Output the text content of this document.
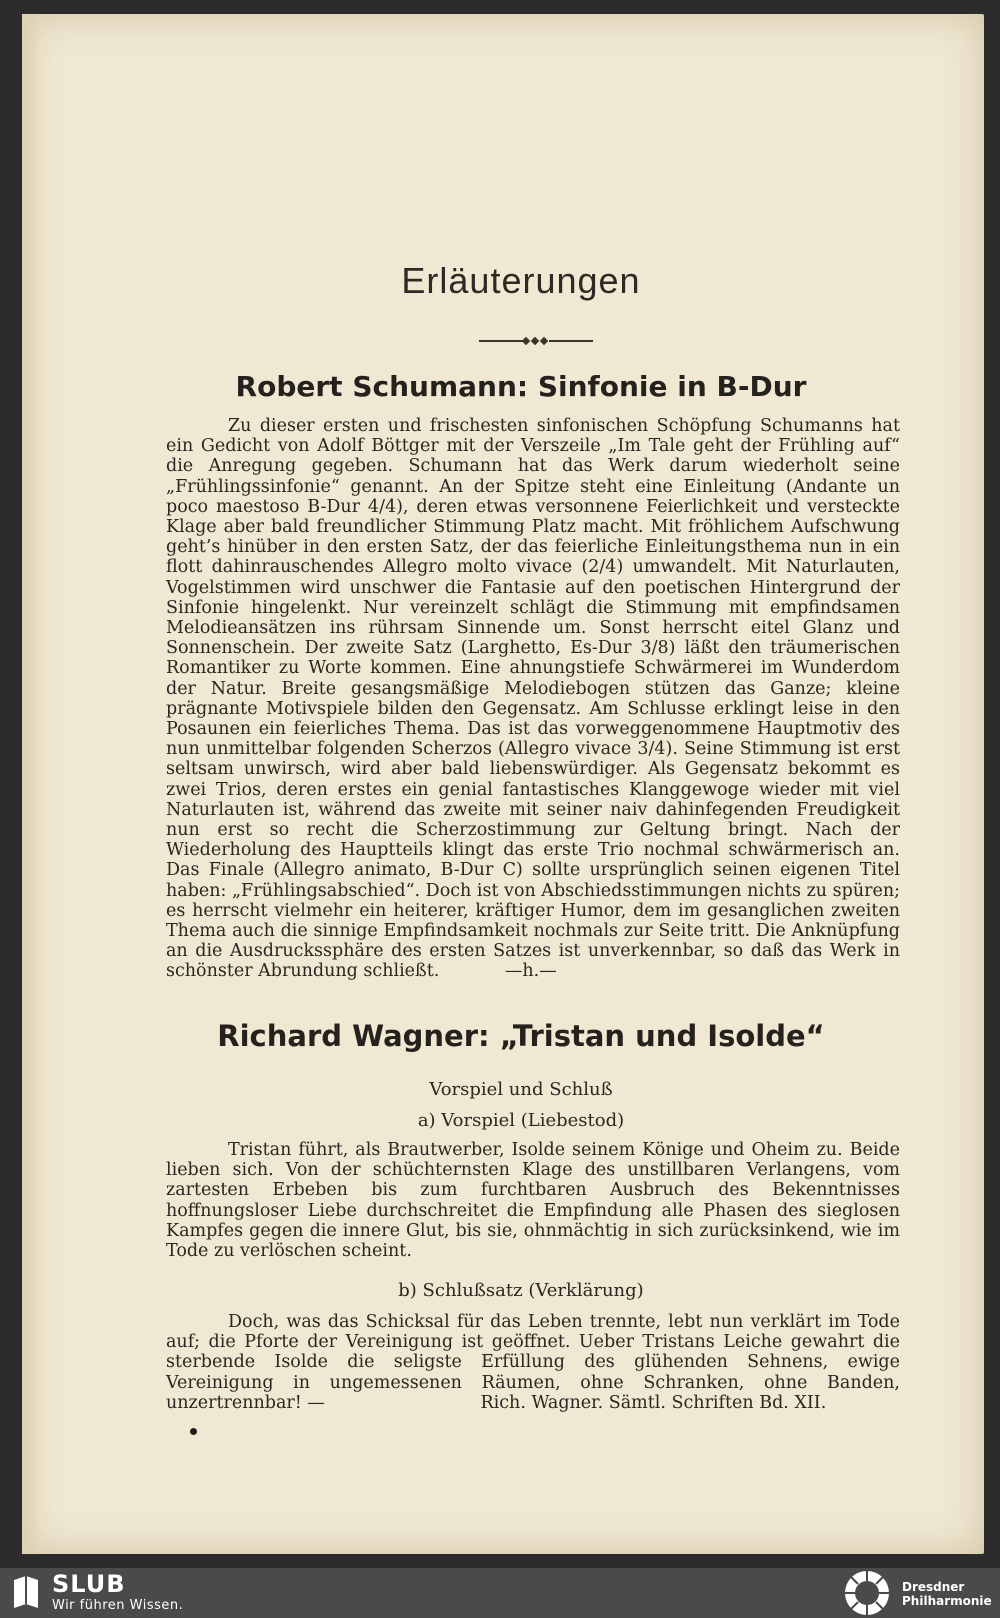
Erläuterungen
Robert Schumann: Sinfonie in B-Dur
Zu dieser ersten und frischesten sinfonischen Schöpfung Schumanns hat ein Gedicht von Adolf Böttger mit der Verszeile „Im Tale geht der Frühling auf“ die Anregung gegeben. Schumann hat das Werk darum wiederholt seine „Frühlingssinfonie“ genannt. An der Spitze steht eine Einleitung (Andante un poco maestoso B-Dur 4/4), deren etwas versonnene Feierlichkeit und versteckte Klage aber bald freundlicher Stimmung Platz macht. Mit fröhlichem Aufschwung geht’s hinüber in den ersten Satz, der das feierliche Einleitungsthema nun in ein flott dahinrauschendes Allegro molto vivace (2/4) umwandelt. Mit Naturlauten, Vogelstimmen wird unschwer die Fantasie auf den poetischen Hintergrund der Sinfonie hingelenkt. Nur vereinzelt schlägt die Stimmung mit empfindsamen Melodieansätzen ins rührsam Sinnende um. Sonst herrscht eitel Glanz und Sonnenschein. Der zweite Satz (Larghetto, Es-Dur 3/8) läßt den träumerischen Romantiker zu Worte kommen. Eine ahnungstiefe Schwärmerei im Wunderdom der Natur. Breite gesangsmäßige Melodiebogen stützen das Ganze; kleine prägnante Motivspiele bilden den Gegensatz. Am Schlusse erklingt leise in den Posaunen ein feierliches Thema. Das ist das vorweggenommene Hauptmotiv des nun unmittelbar folgenden Scherzos (Allegro vivace 3/4). Seine Stimmung ist erst seltsam unwirsch, wird aber bald liebenswürdiger. Als Gegensatz bekommt es zwei Trios, deren erstes ein genial fantastisches Klanggewoge wieder mit viel Naturlauten ist, während das zweite mit seiner naiv dahinfegenden Freudigkeit nun erst so recht die Scherzostimmung zur Geltung bringt. Nach der Wiederholung des Hauptteils klingt das erste Trio nochmal schwärmerisch an. Das Finale (Allegro animato, B-Dur C) sollte ursprünglich seinen eigenen Titel haben: „Frühlingsabschied“. Doch ist von Abschiedsstimmungen nichts zu spüren; es herrscht vielmehr ein heiterer, kräftiger Humor, dem im gesanglichen zweiten Thema auch die sinnige Empfindsamkeit nochmals zur Seite tritt. Die Anknüpfung an die Ausdruckssphäre des ersten Satzes ist unverkennbar, so daß das Werk in schönster Abrundung schließt.	—h.—
Richard Wagner: „Tristan und Isolde“
Vorspiel und Schluß
a) Vorspiel (Liebestod)
Tristan führt, als Brautwerber, Isolde seinem Könige und Oheim zu. Beide lieben sich. Von der schüchternsten Klage des unstillbaren Verlangens, vom zartesten Erbeben bis zum furchtbaren Ausbruch des Bekenntnisses hoffnungsloser Liebe durchschreitet die Empfindung alle Phasen des sieglosen Kampfes gegen die innere Glut, bis sie, ohnmächtig in sich zurücksinkend, wie im Tode zu verlöschen scheint.
b) Schlußsatz (Verklärung)
Doch, was das Schicksal für das Leben trennte, lebt nun verklärt im Tode auf; die Pforte der Vereinigung ist geöffnet. Ueber Tristans Leiche gewahrt die sterbende Isolde die seligste Erfüllung des glühenden Sehnens, ewige Vereinigung in ungemessenen Räumen, ohne Schranken, ohne Banden, unzertrennbar! —	Rich. Wagner. Sämtl. Schriften Bd. XII.
SLUB
Wir führen Wissen.
Dresdner
Philharmonie
